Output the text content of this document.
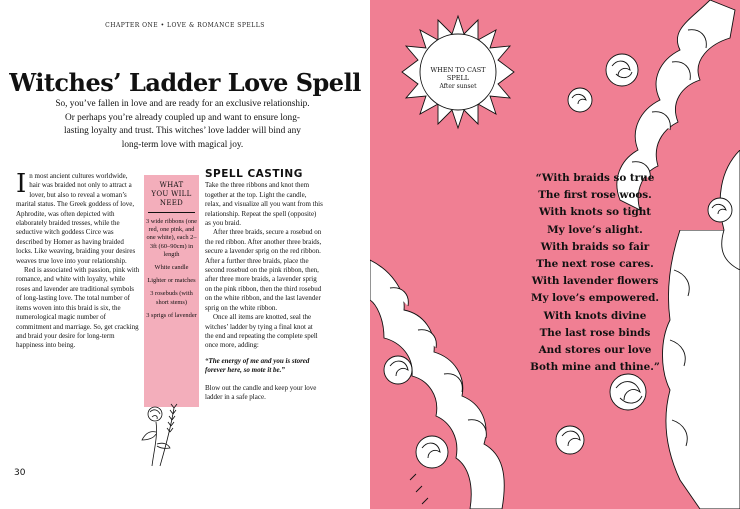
CHAPTER ONE • LOVE & ROMANCE SPELLS
Witches’ Ladder Love Spell
So, you’ve fallen in love and are ready for an exclusive relationship. Or perhaps you’re already coupled up and want to ensure long-lasting loyalty and trust. This witches’ love ladder will bind any long-term love with magical joy.
I n most ancient cultures worldwide, hair was braided not only to attract a lover, but also to reveal a woman’s marital status. The Greek goddess of love, Aphrodite, was often depicted with elaborately braided tresses, while the seductive witch goddess Circe was described by Homer as having braided locks. Like weaving, braiding your desires weaves true love into your relationship.

Red is associated with passion, pink with romance, and white with loyalty, while roses and lavender are traditional symbols of long-lasting love. The total number of items woven into this braid is six, the numerological magic number of commitment and marriage. So, get cracking and braid your desire for long-term happiness into being.

WHAT YOU WILL NEED
3 wide ribbons (one red, one pink, and one white), each 2–3ft (60–90cm) in length
White candle
Lighter or matches
3 rosebuds (with short stems)
3 sprigs of lavender
SPELL CASTING

Take the three ribbons and knot them together at the top. Light the candle, relax, and visualize all you want from this relationship. Repeat the spell (opposite) as you braid.

After three braids, secure a rosebud on the red ribbon. After another three braids, secure a lavender sprig on the red ribbon. After a further three braids, place the second rosebud on the pink ribbon, then, after three more braids, a lavender sprig on the pink ribbon, then the third rosebud on the white ribbon, and the last lavender sprig on the white ribbon.

Once all items are knotted, seal the witches’ ladder by tying a final knot at the end and repeating the complete spell once more, adding:

“The energy of me and you is stored forever here, so mote it be.”

Blow out the candle and keep your love ladder in a safe place.

30
WHEN TO CAST SPELL
After sunset
“With braids so true
The first rose woos.
With knots so tight
My love’s alight.
With braids so fair
The next rose cares.
With lavender flowers
My love’s empowered.
With knots divine
The last rose binds
And stores our love
Both mine and thine.”
